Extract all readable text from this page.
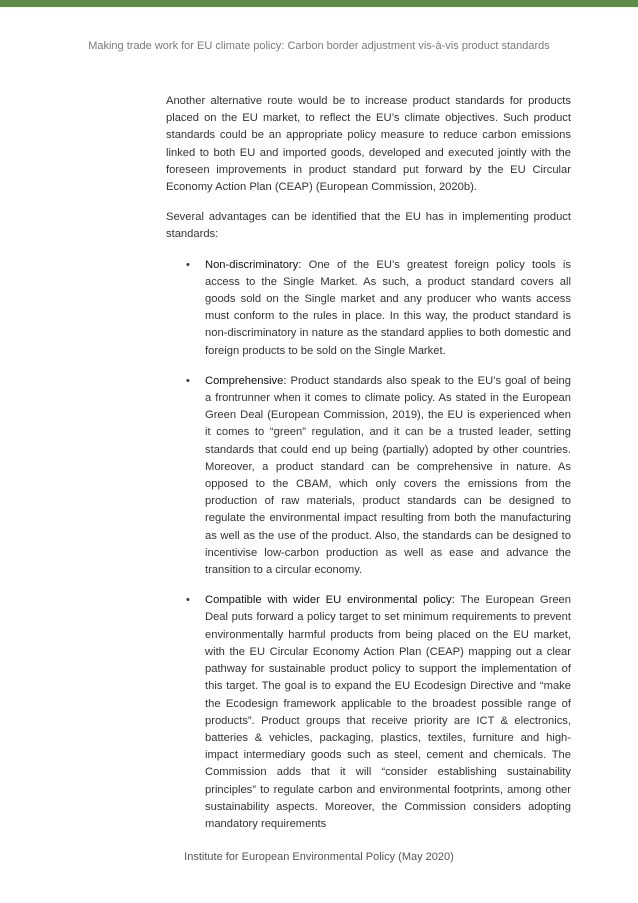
Making trade work for EU climate policy: Carbon border adjustment vis-à-vis product standards

Another alternative route would be to increase product standards for products placed on the EU market, to reflect the EU’s climate objectives. Such product standards could be an appropriate policy measure to reduce carbon emissions linked to both EU and imported goods, developed and executed jointly with the foreseen improvements in product standard put forward by the EU Circular Economy Action Plan (CEAP) (European Commission, 2020b).

Several advantages can be identified that the EU has in implementing product standards:

•	Non-discriminatory: One of the EU’s greatest foreign policy tools is access to the Single Market. As such, a product standard covers all goods sold on the Single market and any producer who wants access must conform to the rules in place. In this way, the product standard is non-discriminatory in nature as the standard applies to both domestic and foreign products to be sold on the Single Market.
•	Comprehensive: Product standards also speak to the EU’s goal of being a frontrunner when it comes to climate policy. As stated in the European Green Deal (European Commission, 2019), the EU is experienced when it comes to “green” regulation, and it can be a trusted leader, setting standards that could end up being (partially) adopted by other countries. Moreover, a product standard can be comprehensive in nature. As opposed to the CBAM, which only covers the emissions from the production of raw materials, product standards can be designed to regulate the environmental impact resulting from both the manufacturing as well as the use of the product. Also, the standards can be designed to incentivise low-carbon production as well as ease and advance the transition to a circular economy.
•	Compatible with wider EU environmental policy: The European Green Deal puts forward a policy target to set minimum requirements to prevent environmentally harmful products from being placed on the EU market, with the EU Circular Economy Action Plan (CEAP) mapping out a clear pathway for sustainable product policy to support the implementation of this target. The goal is to expand the EU Ecodesign Directive and “make the Ecodesign framework applicable to the broadest possible range of products”. Product groups that receive priority are ICT & electronics, batteries & vehicles, packaging, plastics, textiles, furniture and high-impact intermediary goods such as steel, cement and chemicals. The Commission adds that it will “consider establishing sustainability principles” to regulate carbon and environmental footprints, among other sustainability aspects. Moreover, the Commission considers adopting mandatory requirements
Institute for European Environmental Policy (May 2020)
